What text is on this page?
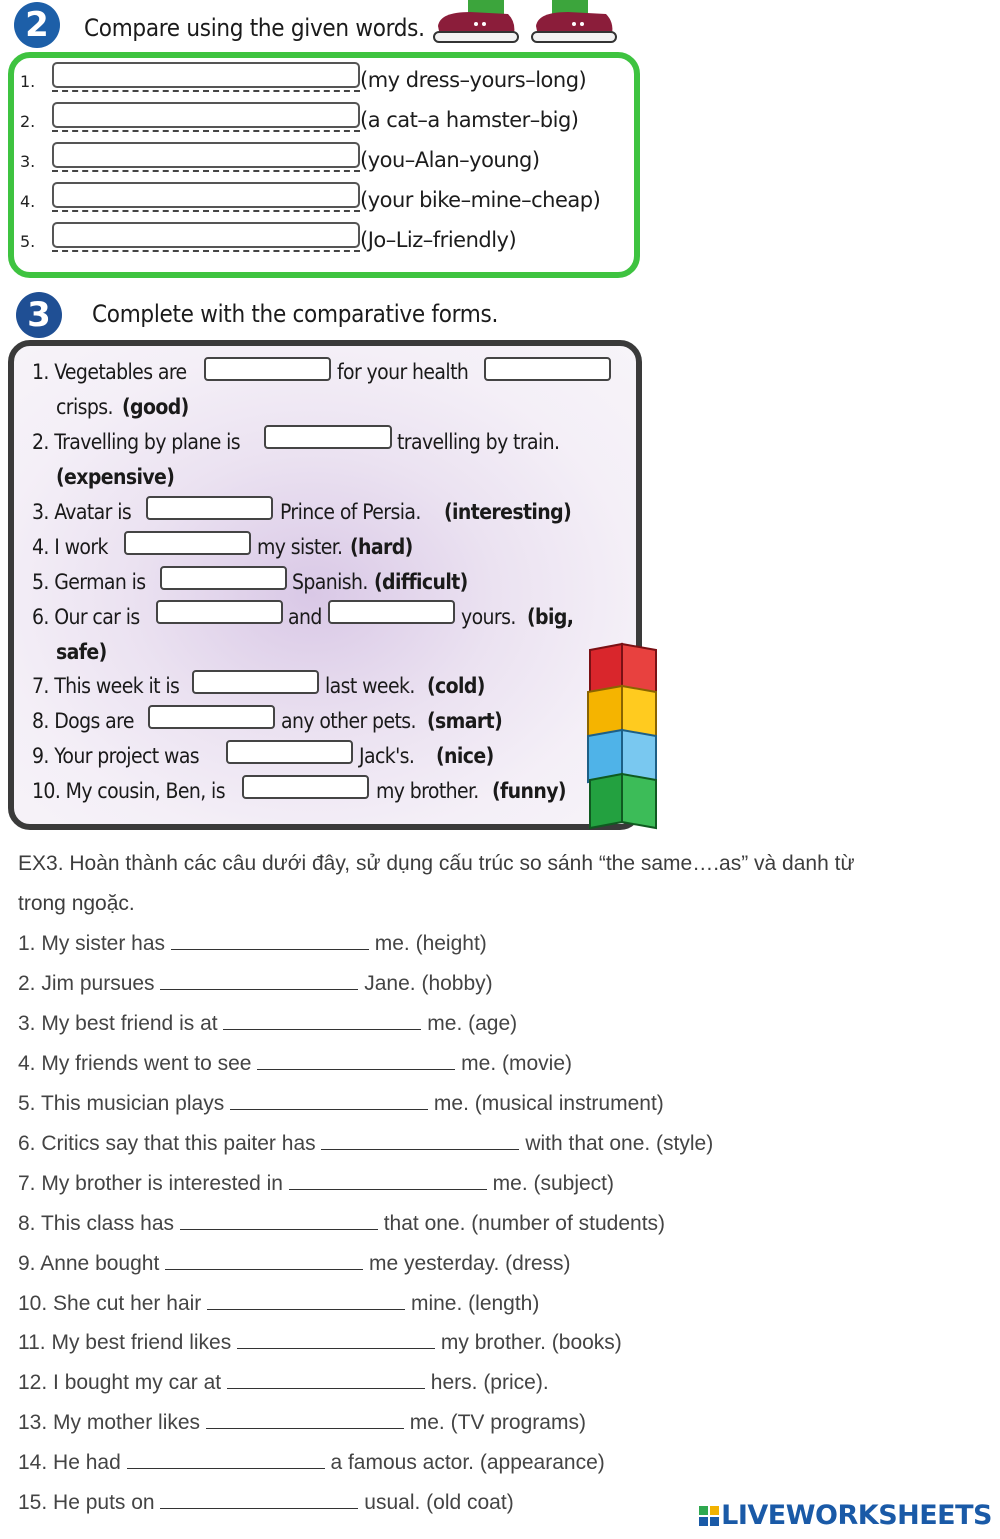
2	Compare using the given words.
1.	(my dress–yours–long)
2.	(a cat–a hamster–big)
3.	(you–Alan–young)
4.	(your bike–mine–cheap)
5.	(Jo–Liz–friendly)
3	Complete with the comparative forms.
1. Vegetables are	for your health
crisps. (good)
2. Travelling by plane is	travelling by train.
(expensive)
3. Avatar is	Prince of Persia. (interesting)
4. I work	my sister. (hard)
5. German is	Spanish. (difficult)
6. Our car is	and	yours. (big,
safe)
7. This week it is	last week. (cold)
8. Dogs are	any other pets. (smart)
9. Your project was	Jack's. (nice)
10. My cousin, Ben, is	my brother. (funny)
EX3. Hoàn thành các câu dưới đây, sử dụng cấu trúc so sánh “the same….as” và danh từ
trong ngoặc.
1. My sister has	me. (height)
2. Jim pursues	Jane. (hobby)
3. My best friend is at	me. (age)
4. My friends went to see	me. (movie)
5. This musician plays	me. (musical instrument)
6. Critics say that this paiter has	with that one. (style)
7. My brother is interested in	me. (subject)
8. This class has	that one. (number of students)
9. Anne bought	me yesterday. (dress)
10. She cut her hair	mine. (length)
11. My best friend likes	my brother. (books)
12. I bought my car at	hers. (price).
13. My mother likes	me. (TV programs)
14. He had	a famous actor. (appearance)
15. He puts on	usual. (old coat)	LIVEWORKSHEETS
